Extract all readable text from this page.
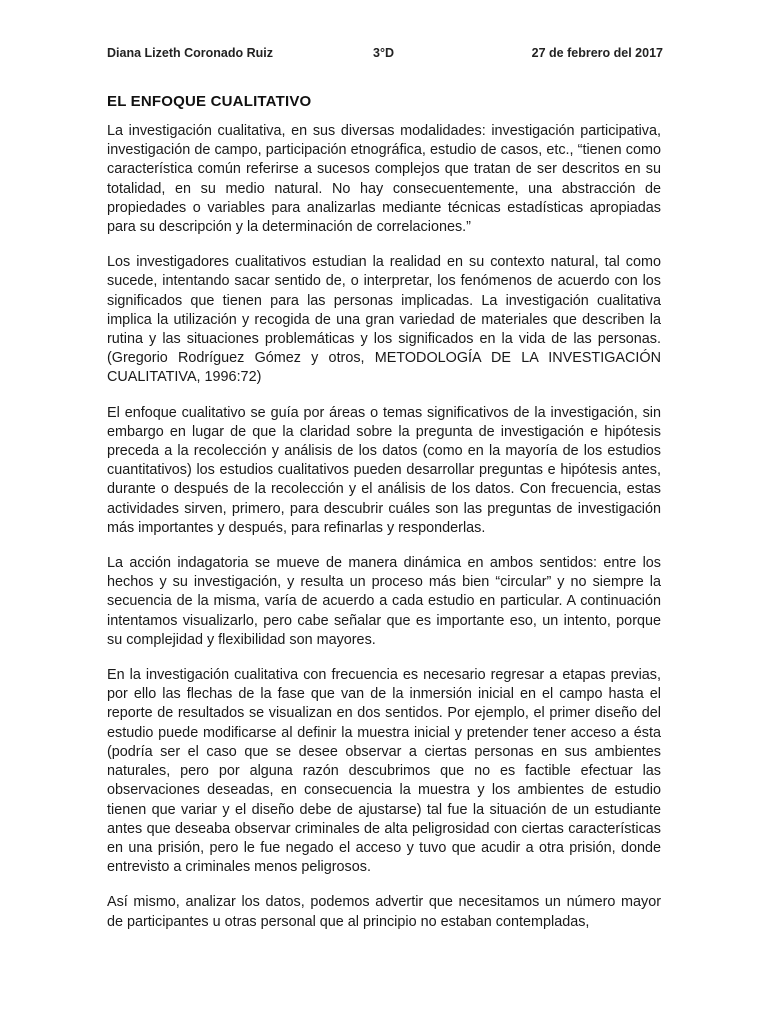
Diana Lizeth Coronado Ruiz	3°D	27 de febrero del 2017
EL ENFOQUE CUALITATIVO

La investigación cualitativa, en sus diversas modalidades: investigación participativa, investigación de campo, participación etnográfica, estudio de casos, etc., “tienen como característica común referirse a sucesos complejos que tratan de ser descritos en su totalidad, en su medio natural. No hay consecuentemente, una abstracción de propiedades o variables para analizarlas mediante técnicas estadísticas apropiadas para su descripción y la determinación de correlaciones.”

Los investigadores cualitativos estudian la realidad en su contexto natural, tal como sucede, intentando sacar sentido de, o interpretar, los fenómenos de acuerdo con los significados que tienen para las personas implicadas. La investigación cualitativa implica la utilización y recogida de una gran variedad de materiales que describen la rutina y las situaciones problemáticas y los significados en la vida de las personas. (Gregorio Rodríguez Gómez y otros, METODOLOGÍA DE LA INVESTIGACIÓN CUALITATIVA, 1996:72)

El enfoque cualitativo se guía por áreas o temas significativos de la investigación, sin embargo en lugar de que la claridad sobre la pregunta de investigación e hipótesis preceda a la recolección y análisis de los datos (como en la mayoría de los estudios cuantitativos) los estudios cualitativos pueden desarrollar preguntas e hipótesis antes, durante o después de la recolección y el análisis de los datos. Con frecuencia, estas actividades sirven, primero, para descubrir cuáles son las preguntas de investigación más importantes y después, para refinarlas y responderlas.

La acción indagatoria se mueve de manera dinámica en ambos sentidos: entre los hechos y su investigación, y resulta un proceso más bien “circular” y no siempre la secuencia de la misma, varía de acuerdo a cada estudio en particular. A continuación intentamos visualizarlo, pero cabe señalar que es importante eso, un intento, porque su complejidad y flexibilidad son mayores.

En la investigación cualitativa con frecuencia es necesario regresar a etapas previas, por ello las flechas de la fase que van de la inmersión inicial en el campo hasta el reporte de resultados se visualizan en dos sentidos. Por ejemplo, el primer diseño del estudio puede modificarse al definir la muestra inicial y pretender tener acceso a ésta (podría ser el caso que se desee observar a ciertas personas en sus ambientes naturales, pero por alguna razón descubrimos que no es factible efectuar las observaciones deseadas, en consecuencia la muestra y los ambientes de estudio tienen que variar y el diseño debe de ajustarse) tal fue la situación de un estudiante antes que deseaba observar criminales de alta peligrosidad con ciertas características en una prisión, pero le fue negado el acceso y tuvo que acudir a otra prisión, donde entrevisto a criminales menos peligrosos.

Así mismo, analizar los datos, podemos advertir que necesitamos un número mayor de participantes u otras personal que al principio no estaban contempladas,
